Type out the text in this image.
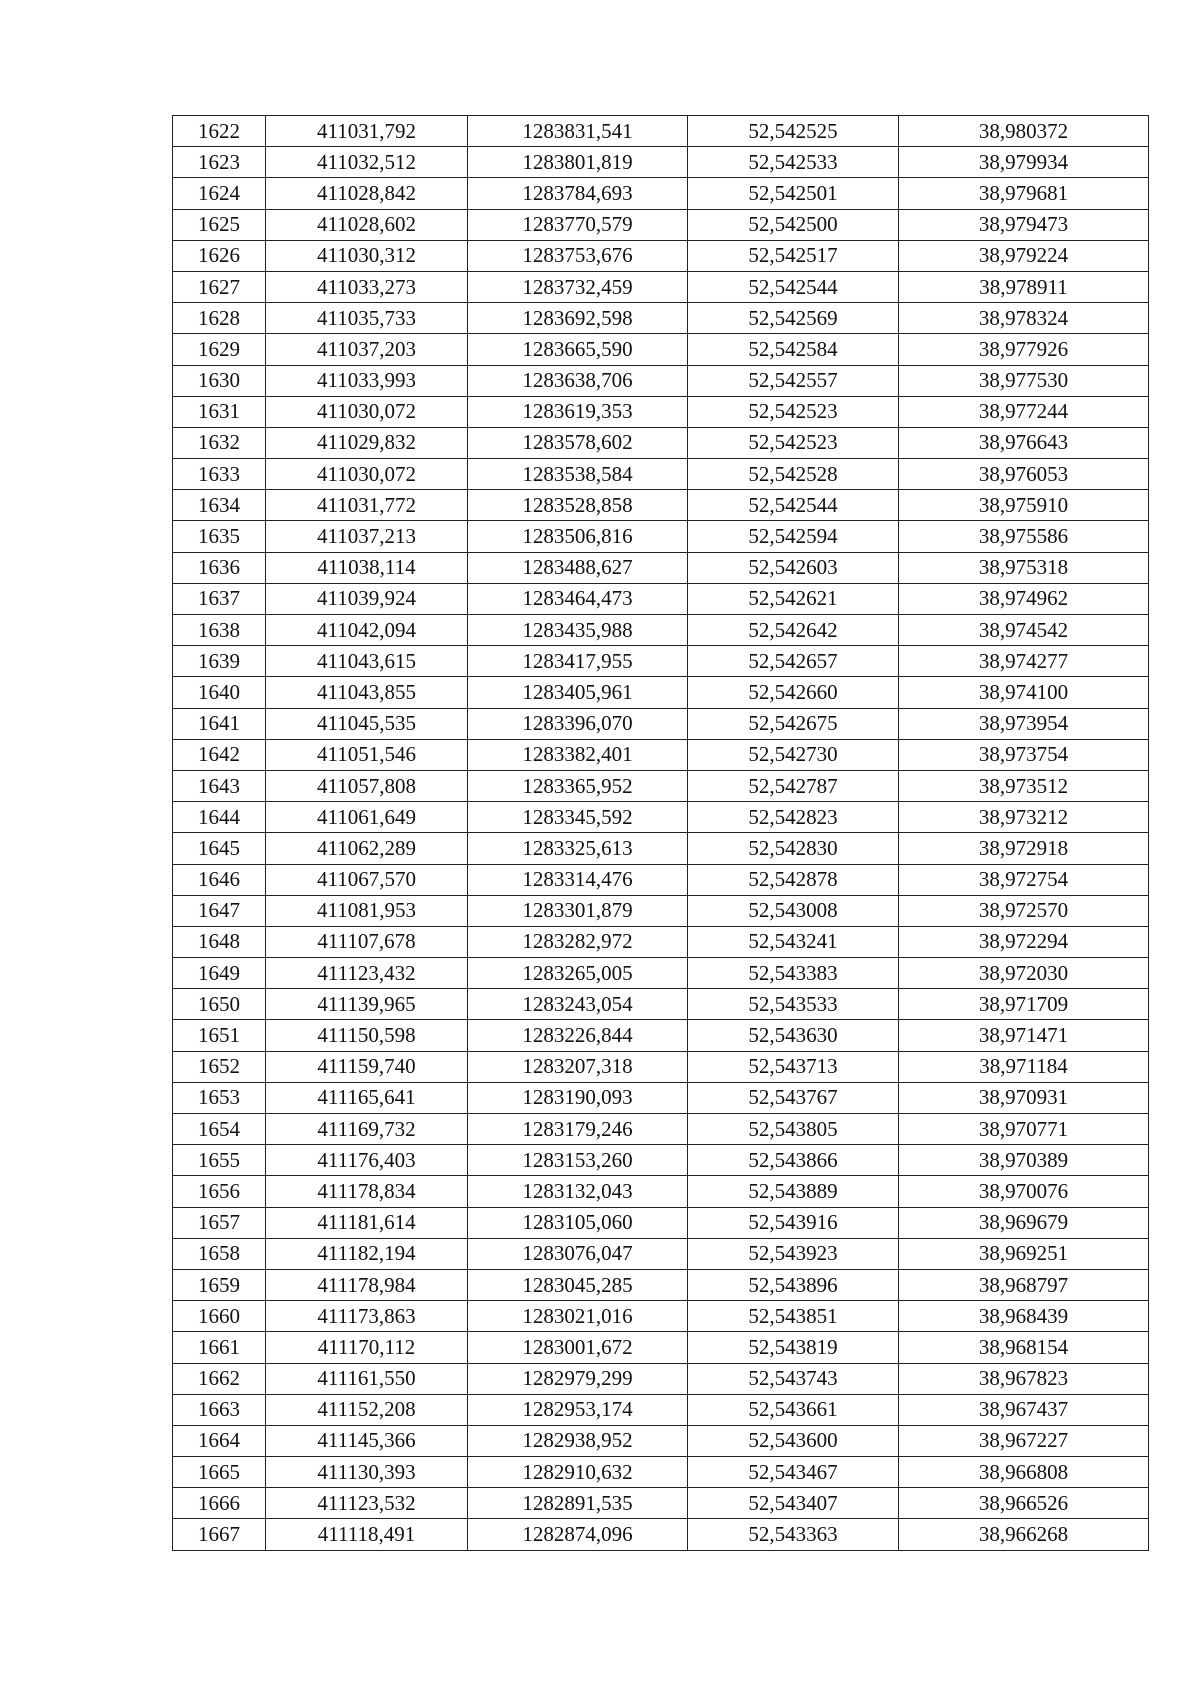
1622	411031,792	1283831,541	52,542525	38,980372
1623	411032,512	1283801,819	52,542533	38,979934
1624	411028,842	1283784,693	52,542501	38,979681
1625	411028,602	1283770,579	52,542500	38,979473
1626	411030,312	1283753,676	52,542517	38,979224
1627	411033,273	1283732,459	52,542544	38,978911
1628	411035,733	1283692,598	52,542569	38,978324
1629	411037,203	1283665,590	52,542584	38,977926
1630	411033,993	1283638,706	52,542557	38,977530
1631	411030,072	1283619,353	52,542523	38,977244
1632	411029,832	1283578,602	52,542523	38,976643
1633	411030,072	1283538,584	52,542528	38,976053
1634	411031,772	1283528,858	52,542544	38,975910
1635	411037,213	1283506,816	52,542594	38,975586
1636	411038,114	1283488,627	52,542603	38,975318
1637	411039,924	1283464,473	52,542621	38,974962
1638	411042,094	1283435,988	52,542642	38,974542
1639	411043,615	1283417,955	52,542657	38,974277
1640	411043,855	1283405,961	52,542660	38,974100
1641	411045,535	1283396,070	52,542675	38,973954
1642	411051,546	1283382,401	52,542730	38,973754
1643	411057,808	1283365,952	52,542787	38,973512
1644	411061,649	1283345,592	52,542823	38,973212
1645	411062,289	1283325,613	52,542830	38,972918
1646	411067,570	1283314,476	52,542878	38,972754
1647	411081,953	1283301,879	52,543008	38,972570
1648	411107,678	1283282,972	52,543241	38,972294
1649	411123,432	1283265,005	52,543383	38,972030
1650	411139,965	1283243,054	52,543533	38,971709
1651	411150,598	1283226,844	52,543630	38,971471
1652	411159,740	1283207,318	52,543713	38,971184
1653	411165,641	1283190,093	52,543767	38,970931
1654	411169,732	1283179,246	52,543805	38,970771
1655	411176,403	1283153,260	52,543866	38,970389
1656	411178,834	1283132,043	52,543889	38,970076
1657	411181,614	1283105,060	52,543916	38,969679
1658	411182,194	1283076,047	52,543923	38,969251
1659	411178,984	1283045,285	52,543896	38,968797
1660	411173,863	1283021,016	52,543851	38,968439
1661	411170,112	1283001,672	52,543819	38,968154
1662	411161,550	1282979,299	52,543743	38,967823
1663	411152,208	1282953,174	52,543661	38,967437
1664	411145,366	1282938,952	52,543600	38,967227
1665	411130,393	1282910,632	52,543467	38,966808
1666	411123,532	1282891,535	52,543407	38,966526
1667	411118,491	1282874,096	52,543363	38,966268
